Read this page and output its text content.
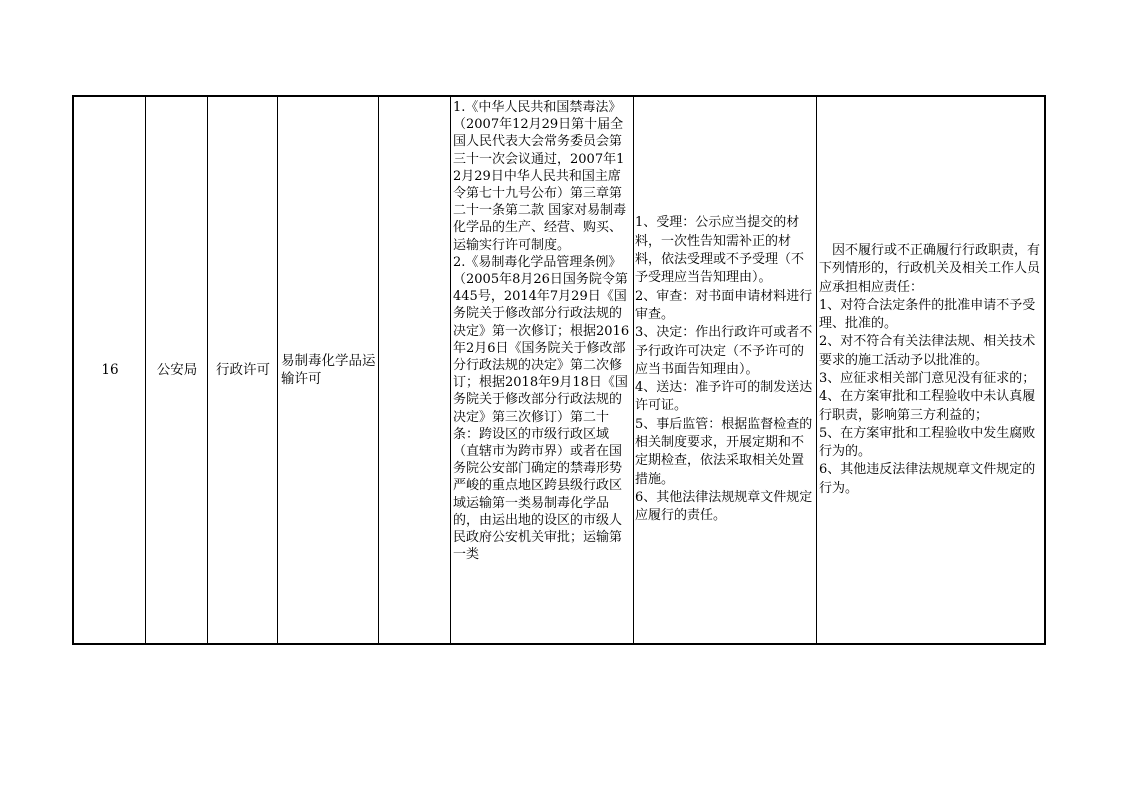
16	公安局 行政许可
易制毒化学品运输许可
1.《中华人民共和国禁毒法》（2007年12月29日第十届全国人民代表大会常务委员会第三十一次会议通过，2007年12月29日中华人民共和国主席令第七十九号公布）第三章第二十一条第二款 国家对易制毒化学品的生产、经营、购买、运输实行许可制度。
2.《易制毒化学品管理条例》（2005年8月26日国务院令第445号，2014年7月29日《国务院关于修改部分行政法规的决定》第一次修订；根据2016年2月6日《国务院关于修改部分行政法规的决定》第二次修订；根据2018年9月18日《国务院关于修改部分行政法规的决定》第三次修订）第二十条：跨设区的市级行政区域（直辖市为跨市界）或者在国务院公安部门确定的禁毒形势严峻的重点地区跨县级行政区域运输第一类易制毒化学品的，由运出地的设区的市级人民政府公安机关审批；运输第一类
1、受理：公示应当提交的材料，一次性告知需补正的材料，依法受理或不予受理（不予受理应当告知理由）。
2、审查：对书面申请材料进行审查。
3、决定：作出行政许可或者不予行政许可决定（不予许可的应当书面告知理由）。
4、送达：准予许可的制发送达许可证。
5、事后监管：根据监督检查的相关制度要求，开展定期和不定期检查，依法采取相关处置措施。
6、其他法律法规规章文件规定应履行的责任。
　因不履行或不正确履行行政职责，有下列情形的，行政机关及相关工作人员应承担相应责任：
1、对符合法定条件的批准申请不予受理、批准的。
2、对不符合有关法律法规、相关技术要求的施工活动予以批准的。
3、应征求相关部门意见没有征求的；
4、在方案审批和工程验收中未认真履行职责，影响第三方利益的；
5、在方案审批和工程验收中发生腐败行为的。
6、其他违反法律法规规章文件规定的行为。
